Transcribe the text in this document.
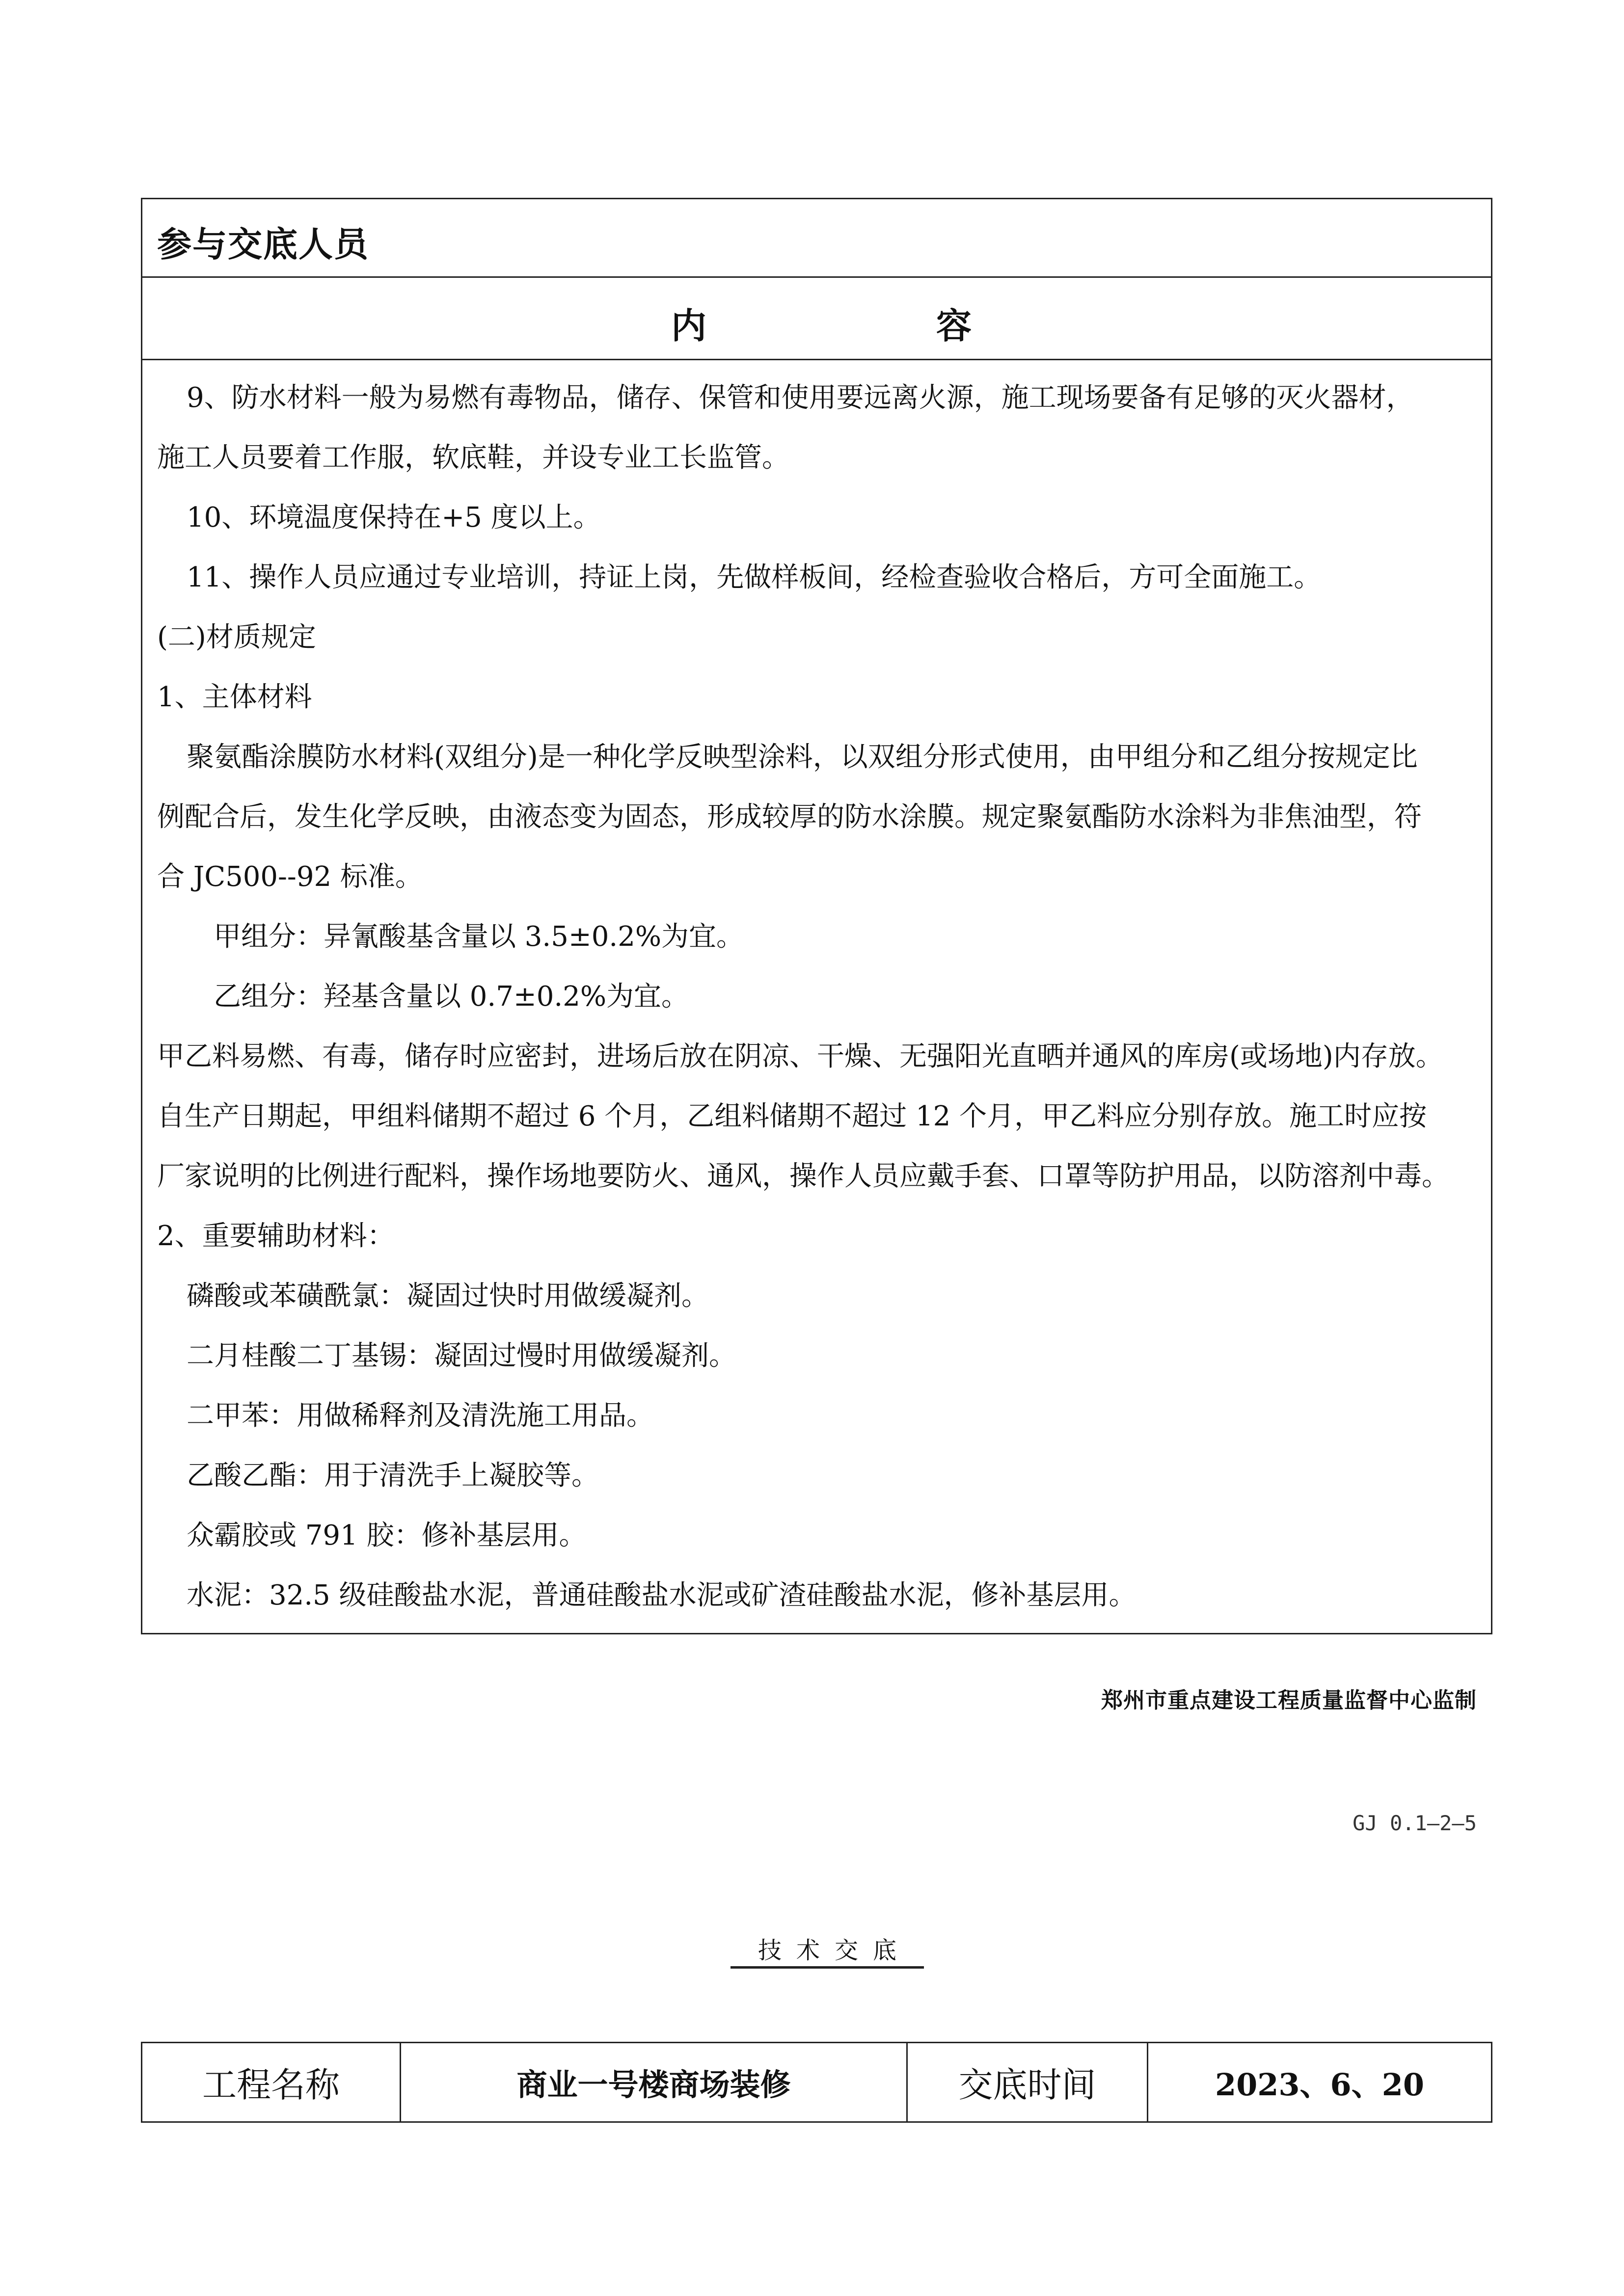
参与交底人员
内	容
9、防水材料一般为易燃有毒物品，储存、保管和使用要远离火源，施工现场要备有足够的灭火器材，
施工人员要着工作服，软底鞋，并设专业工长监管。
10、环境温度保持在+5 度以上。
11、操作人员应通过专业培训，持证上岗，先做样板间，经检查验收合格后，方可全面施工。
(二)材质规定
1、主体材料
聚氨酯涂膜防水材料(双组分)是一种化学反映型涂料，以双组分形式使用，由甲组分和乙组分按规定比
例配合后，发生化学反映，由液态变为固态，形成较厚的防水涂膜。规定聚氨酯防水涂料为非焦油型，符
合 JC500--92 标准。
甲组分：异氰酸基含量以 3.5±0.2%为宜。
乙组分：羟基含量以 0.7±0.2%为宜。
甲乙料易燃、有毒，储存时应密封，进场后放在阴凉、干燥、无强阳光直晒并通风的库房(或场地)内存放。
自生产日期起，甲组料储期不超过 6 个月，乙组料储期不超过 12 个月，甲乙料应分别存放。施工时应按
厂家说明的比例进行配料，操作场地要防火、通风，操作人员应戴手套、口罩等防护用品，以防溶剂中毒。
2、重要辅助材料：
磷酸或苯磺酰氯：凝固过快时用做缓凝剂。
二月桂酸二丁基锡：凝固过慢时用做缓凝剂。
二甲苯：用做稀释剂及清洗施工用品。
乙酸乙酯：用于清洗手上凝胶等。
众霸胶或 791 胶：修补基层用。
水泥：32.5 级硅酸盐水泥，普通硅酸盐水泥或矿渣硅酸盐水泥，修补基层用。
郑州市重点建设工程质量监督中心监制
GJ 0.1—2—5
技术交底
工程名称	商业一号楼商场装修	交底时间	2023、6、20
